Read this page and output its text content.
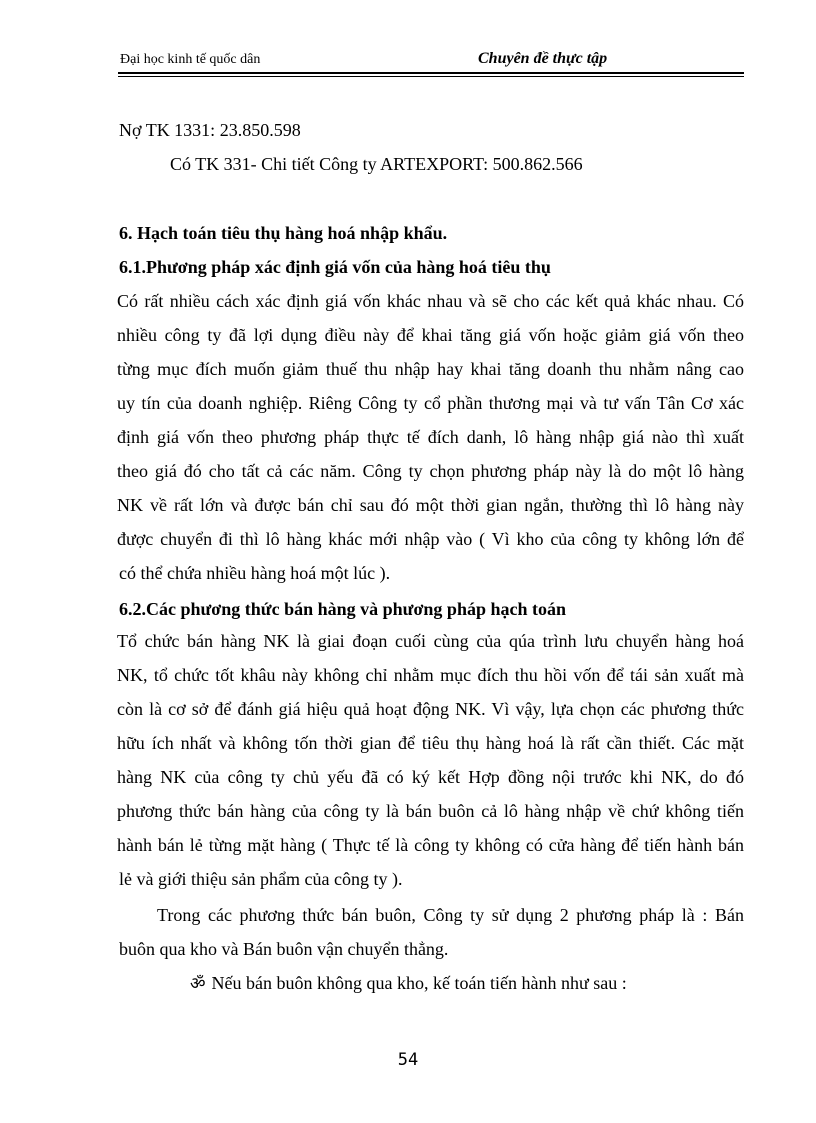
Đại học kinh tế quốc dân	Chuyên đề thực tập
Nợ TK 1331: 23.850.598
Có TK 331- Chi tiết Công ty ARTEXPORT: 500.862.566
6. Hạch toán tiêu thụ hàng hoá nhập khẩu.
6.1.Phương pháp xác định giá vốn của hàng hoá tiêu thụ
Có rất nhiều cách xác định giá vốn khác nhau và sẽ cho các kết quả khác nhau. Có
nhiều công ty đã lợi dụng điều này để khai tăng giá vốn hoặc giảm giá vốn theo
từng mục đích muốn giảm thuế thu nhập hay khai tăng doanh thu nhằm nâng cao
uy tín của doanh nghiệp. Riêng Công ty cổ phần thương mại và tư vấn Tân Cơ xác
định giá vốn theo phương pháp thực tế đích danh, lô hàng nhập giá nào thì xuất
theo giá đó cho tất cả các năm. Công ty chọn phương pháp này là do một lô hàng
NK về rất lớn và được bán chỉ sau đó một thời gian ngắn, thường thì lô hàng này
được chuyển đi thì lô hàng khác mới nhập vào ( Vì kho của công ty không lớn để
có thể chứa nhiều hàng hoá một lúc ).
6.2.Các phương thức bán hàng và phương pháp hạch toán
Tổ chức bán hàng NK là giai đoạn cuối cùng của qúa trình lưu chuyển hàng hoá
NK, tổ chức tốt khâu này không chỉ nhằm mục đích thu hồi vốn để tái sản xuất mà
còn là cơ sở để đánh giá hiệu quả hoạt động NK. Vì vậy, lựa chọn các phương thức
hữu ích nhất và không tốn thời gian để tiêu thụ hàng hoá là rất cần thiết. Các mặt
hàng NK của công ty chủ yếu đã có ký kết Hợp đồng nội trước khi NK, do đó
phương thức bán hàng của công ty là bán buôn cả lô hàng nhập về chứ không tiến
hành bán lẻ từng mặt hàng ( Thực tế là công ty không có cửa hàng để tiến hành bán
lẻ và giới thiệu sản phẩm của công ty ).
Trong các phương thức bán buôn, Công ty sử dụng 2 phương pháp là : Bán
buôn qua kho và Bán buôn vận chuyển thẳng.
ॐ Nếu bán buôn không qua kho, kế toán tiến hành như sau :
54
